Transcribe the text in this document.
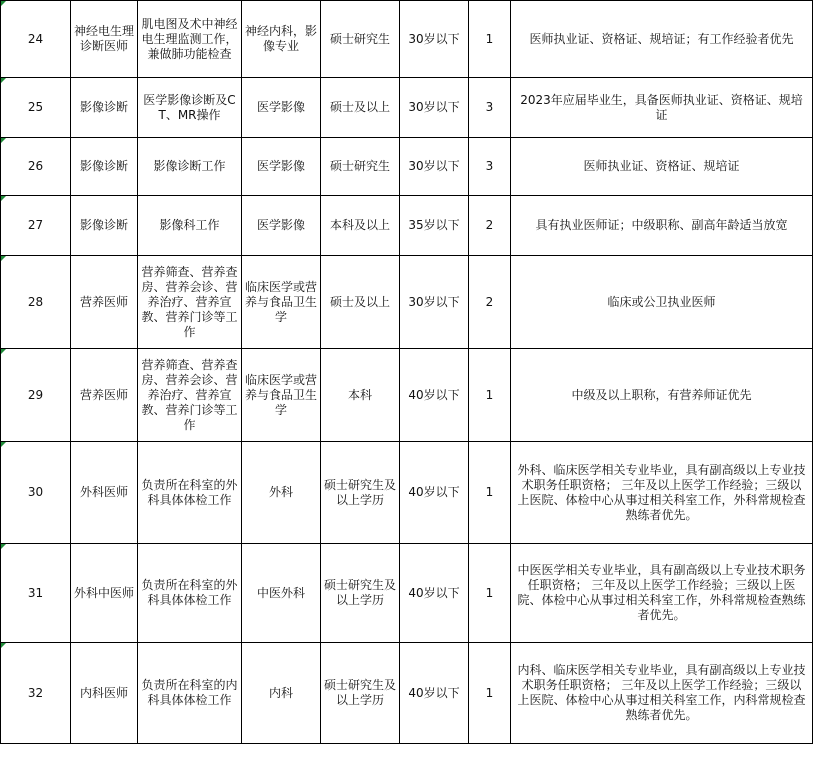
24	神经电生理诊断医师	肌电图及术中神经电生理监测工作，兼做肺功能检查	神经内科，影像专业	硕士研究生	30岁以下	1	医师执业证、资格证、规培证；有工作经验者优先

25	影像诊断	医学影像诊断及CT、MR操作	医学影像	硕士及以上	30岁以下	3	2023年应届毕业生，具备医师执业证、资格证、规培证

26	影像诊断	影像诊断工作	医学影像	硕士研究生	30岁以下	3	医师执业证、资格证、规培证

27	影像诊断	影像科工作	医学影像	本科及以上	35岁以下	2	具有执业医师证；中级职称、副高年龄适当放宽

28	营养医师	营养筛查、营养查房、营养会诊、营养治疗、营养宣教、营养门诊等工作	临床医学或营养与食品卫生学	硕士及以上	30岁以下	2	临床或公卫执业医师

29	营养医师	营养筛查、营养查房、营养会诊、营养治疗、营养宣教、营养门诊等工作	临床医学或营养与食品卫生学	本科	40岁以下	1	中级及以上职称，有营养师证优先

30	外科医师	负责所在科室的外科具体体检工作	外科	硕士研究生及以上学历	40岁以下	1	外科、临床医学相关专业毕业，具有副高级以上专业技术职务任职资格； 三年及以上医学工作经验；三级以上医院、体检中心从事过相关科室工作，外科常规检查熟练者优先。

31	外科中医师	负责所在科室的外科具体体检工作	中医外科	硕士研究生及以上学历	40岁以下	1	中医医学相关专业毕业，具有副高级以上专业技术职务任职资格； 三年及以上医学工作经验；三级以上医院、体检中心从事过相关科室工作，外科常规检查熟练者优先。

32	内科医师	负责所在科室的内科具体体检工作	内科	硕士研究生及以上学历	40岁以下	1	内科、临床医学相关专业毕业，具有副高级以上专业技术职务任职资格； 三年及以上医学工作经验；三级以上医院、体检中心从事过相关科室工作，内科常规检查熟练者优先。
